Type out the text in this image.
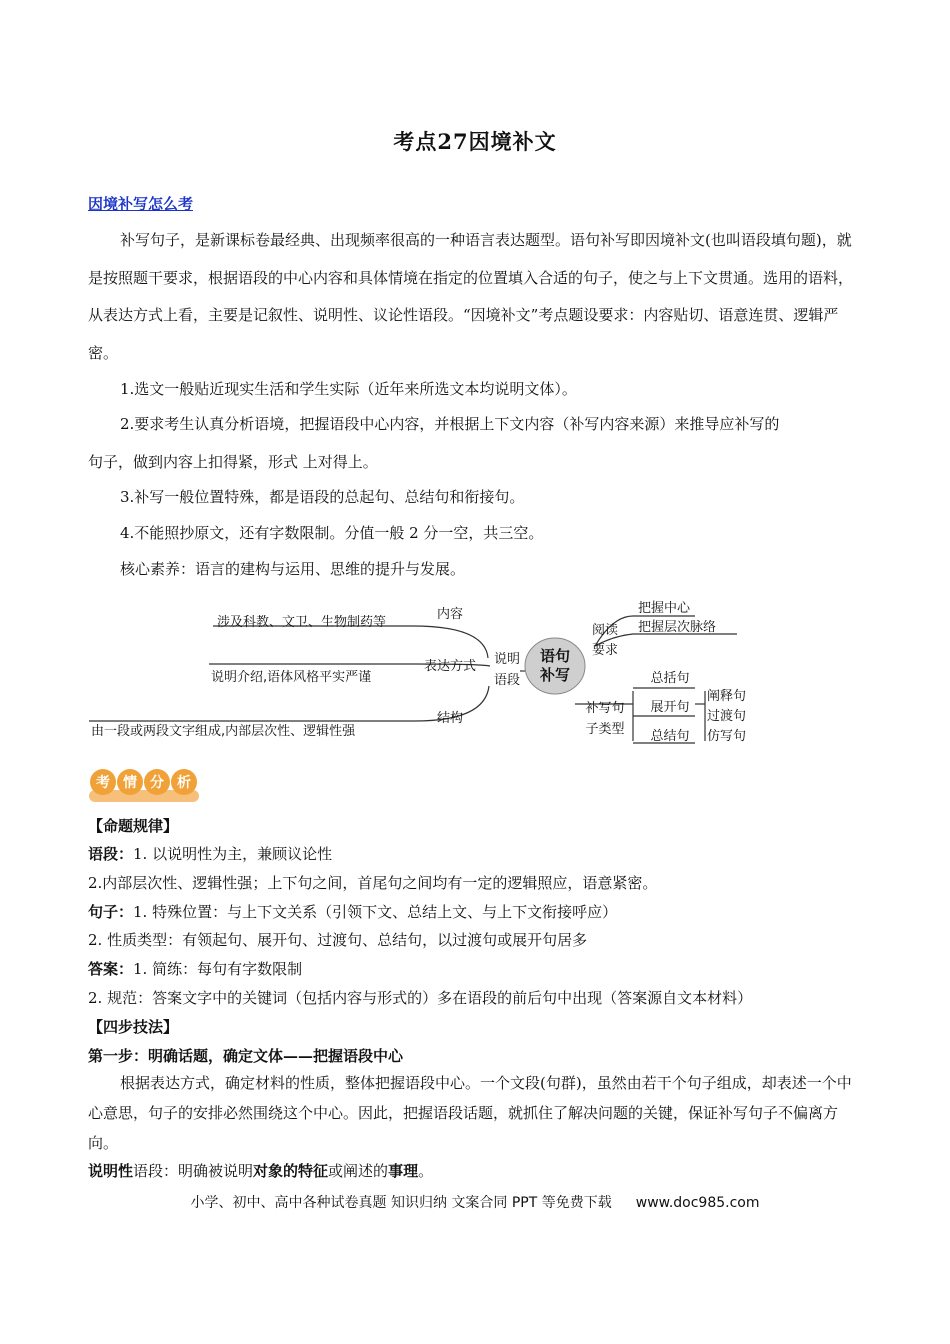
考点27因境补文
因境补写怎么考
补写句子，是新课标卷最经典、出现频率很高的一种语言表达题型。语句补写即因境补文(也叫语段填句题)，就是按照题干要求，根据语段的中心内容和具体情境在指定的位置填入合适的句子，使之与上下文贯通。选用的语料，从表达方式上看，主要是记叙性、说明性、议论性语段。“因境补文”考点题设要求：内容贴切、语意连贯、逻辑严密。
1.选文一般贴近现实生活和学生实际（近年来所选文本均说明文体）。
2.要求考生认真分析语境，把握语段中心内容，并根据上下文内容（补写内容来源）来推导应补写的
句子，做到内容上扣得紧，形式 上对得上。
3.补写一般位置特殊，都是语段的总起句、总结句和衔接句。
4.不能照抄原文，还有字数限制。分值一般 2 分一空，共三空。
核心素养：语言的建构与运用、思维的提升与发展。
语句
补写
说明
语段
内容
表达方式
结构
涉及科教、文卫、生物制药等
说明介绍,语体风格平实严谨
由一段或两段文字组成,内部层次性、逻辑性强
阅读
要求
把握中心
把握层次脉络
补写句
子类型
总括句
展开句
总结句
阐释句
过渡句
仿写句
考 情 分 析
【命题规律】
语段：1. 以说明性为主，兼顾议论性
2.内部层次性、逻辑性强；上下句之间，首尾句之间均有一定的逻辑照应，语意紧密。
句子：1. 特殊位置：与上下文关系（引领下文、总结上文、与上下文衔接呼应）
2. 性质类型：有领起句、展开句、过渡句、总结句，以过渡句或展开句居多
答案：1. 简练：每句有字数限制
2. 规范：答案文字中的关键词（包括内容与形式的）多在语段的前后句中出现（答案源自文本材料）
【四步技法】
第一步：明确话题，确定文体——把握语段中心
根据表达方式，确定材料的性质，整体把握语段中心。一个文段(句群)，虽然由若干个句子组成，却表述一个中心意思，句子的安排必然围绕这个中心。因此，把握语段话题，就抓住了解决问题的关键，保证补写句子不偏离方向。
说明性语段：明确被说明对象的特征或阐述的事理。
小学、初中、高中各种试卷真题 知识归纳 文案合同 PPT 等免费下载 www.doc985.com
